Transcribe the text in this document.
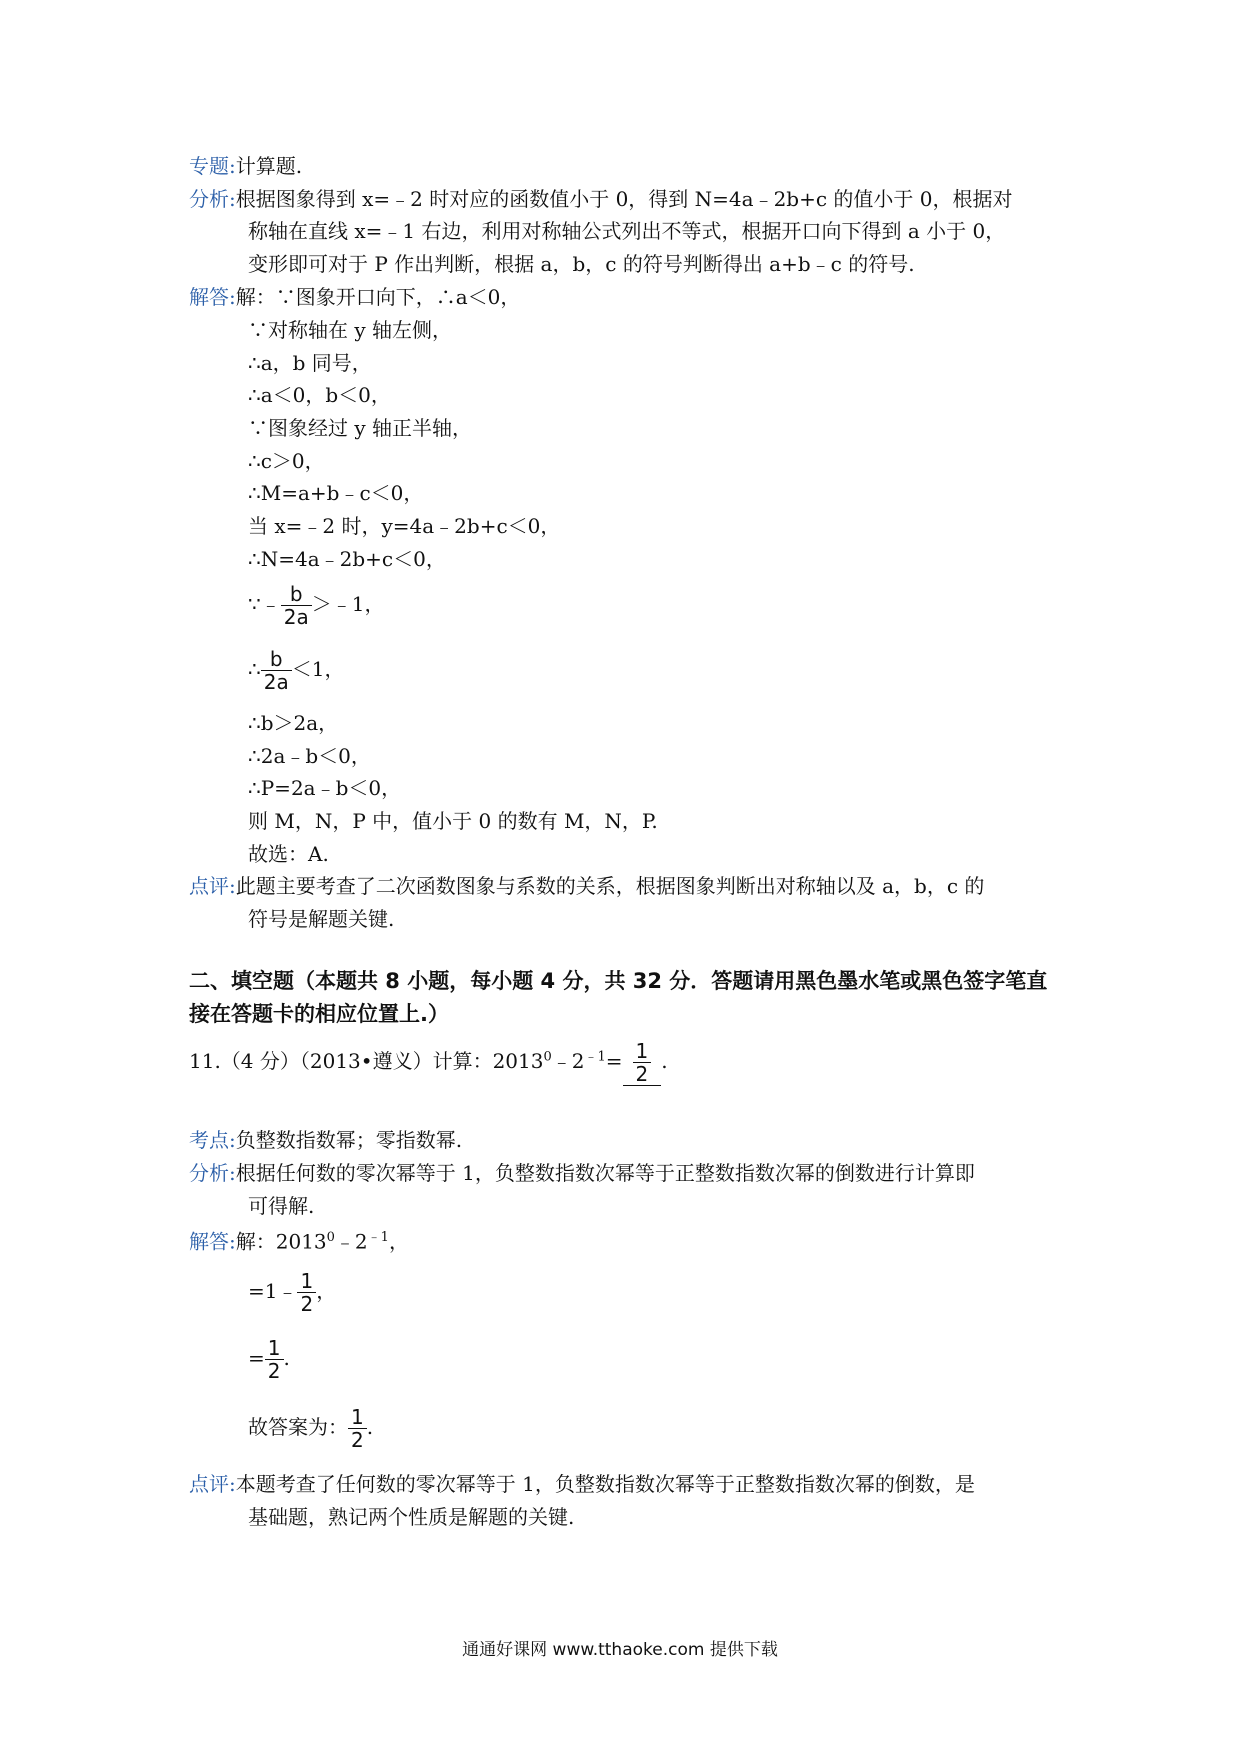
专题:计算题.
分析:根据图象得到 x=﹣2 时对应的函数值小于 0，得到 N=4a﹣2b+c 的值小于 0，根据对
称轴在直线 x=﹣1 右边，利用对称轴公式列出不等式，根据开口向下得到 a 小于 0，
变形即可对于 P 作出判断，根据 a，b，c 的符号判断得出 a+b﹣c 的符号.
解答:解：∵图象开口向下，∴a＜0，
∵对称轴在 y 轴左侧，
∴a，b 同号，
∴a＜0，b＜0，
∵图象经过 y 轴正半轴，
∴c＞0，
∴M=a+b﹣c＜0，
当 x=﹣2 时，y=4a﹣2b+c＜0，
∴N=4a﹣2b+c＜0，
∵﹣ $\frac{b}{2a}$ ＞﹣1，
∴ $\frac{b}{2a} <1$，
∴b＞2a，
∴2a﹣b＜0，
∴P=2a﹣b＜0，
则 M，N，P 中，值小于 0 的数有 M，N，P.
故选：A.
点评:此题主要考查了二次函数图象与系数的关系，根据图象判断出对称轴以及 a，b，c 的
符号是解题关键.
二、填空题（本题共 8 小题，每小题 4 分，共 32 分．答题请用黑色墨水笔或黑色签字笔直
接在答题卡的相应位置上.）
11.（4 分）（2013•遵义）计算：$2013^0﹣2^{﹣1}= \frac{1}{2}$ .
考点:负整数指数幂；零指数幂.
分析:根据任何数的零次幂等于 1，负整数指数次幂等于正整数指数次幂的倒数进行计算即
可得解.
解答:解：$2013^0﹣2^{﹣1}$，
=1﹣ $\frac{1}{2}$ ，
= $\frac{1}{2}$ .
故答案为： $\frac{1}{2}$ .
点评:本题考查了任何数的零次幂等于 1，负整数指数次幂等于正整数指数次幂的倒数，是
基础题，熟记两个性质是解题的关键.
通通好课网 www.tthaoke.com 提供下载
